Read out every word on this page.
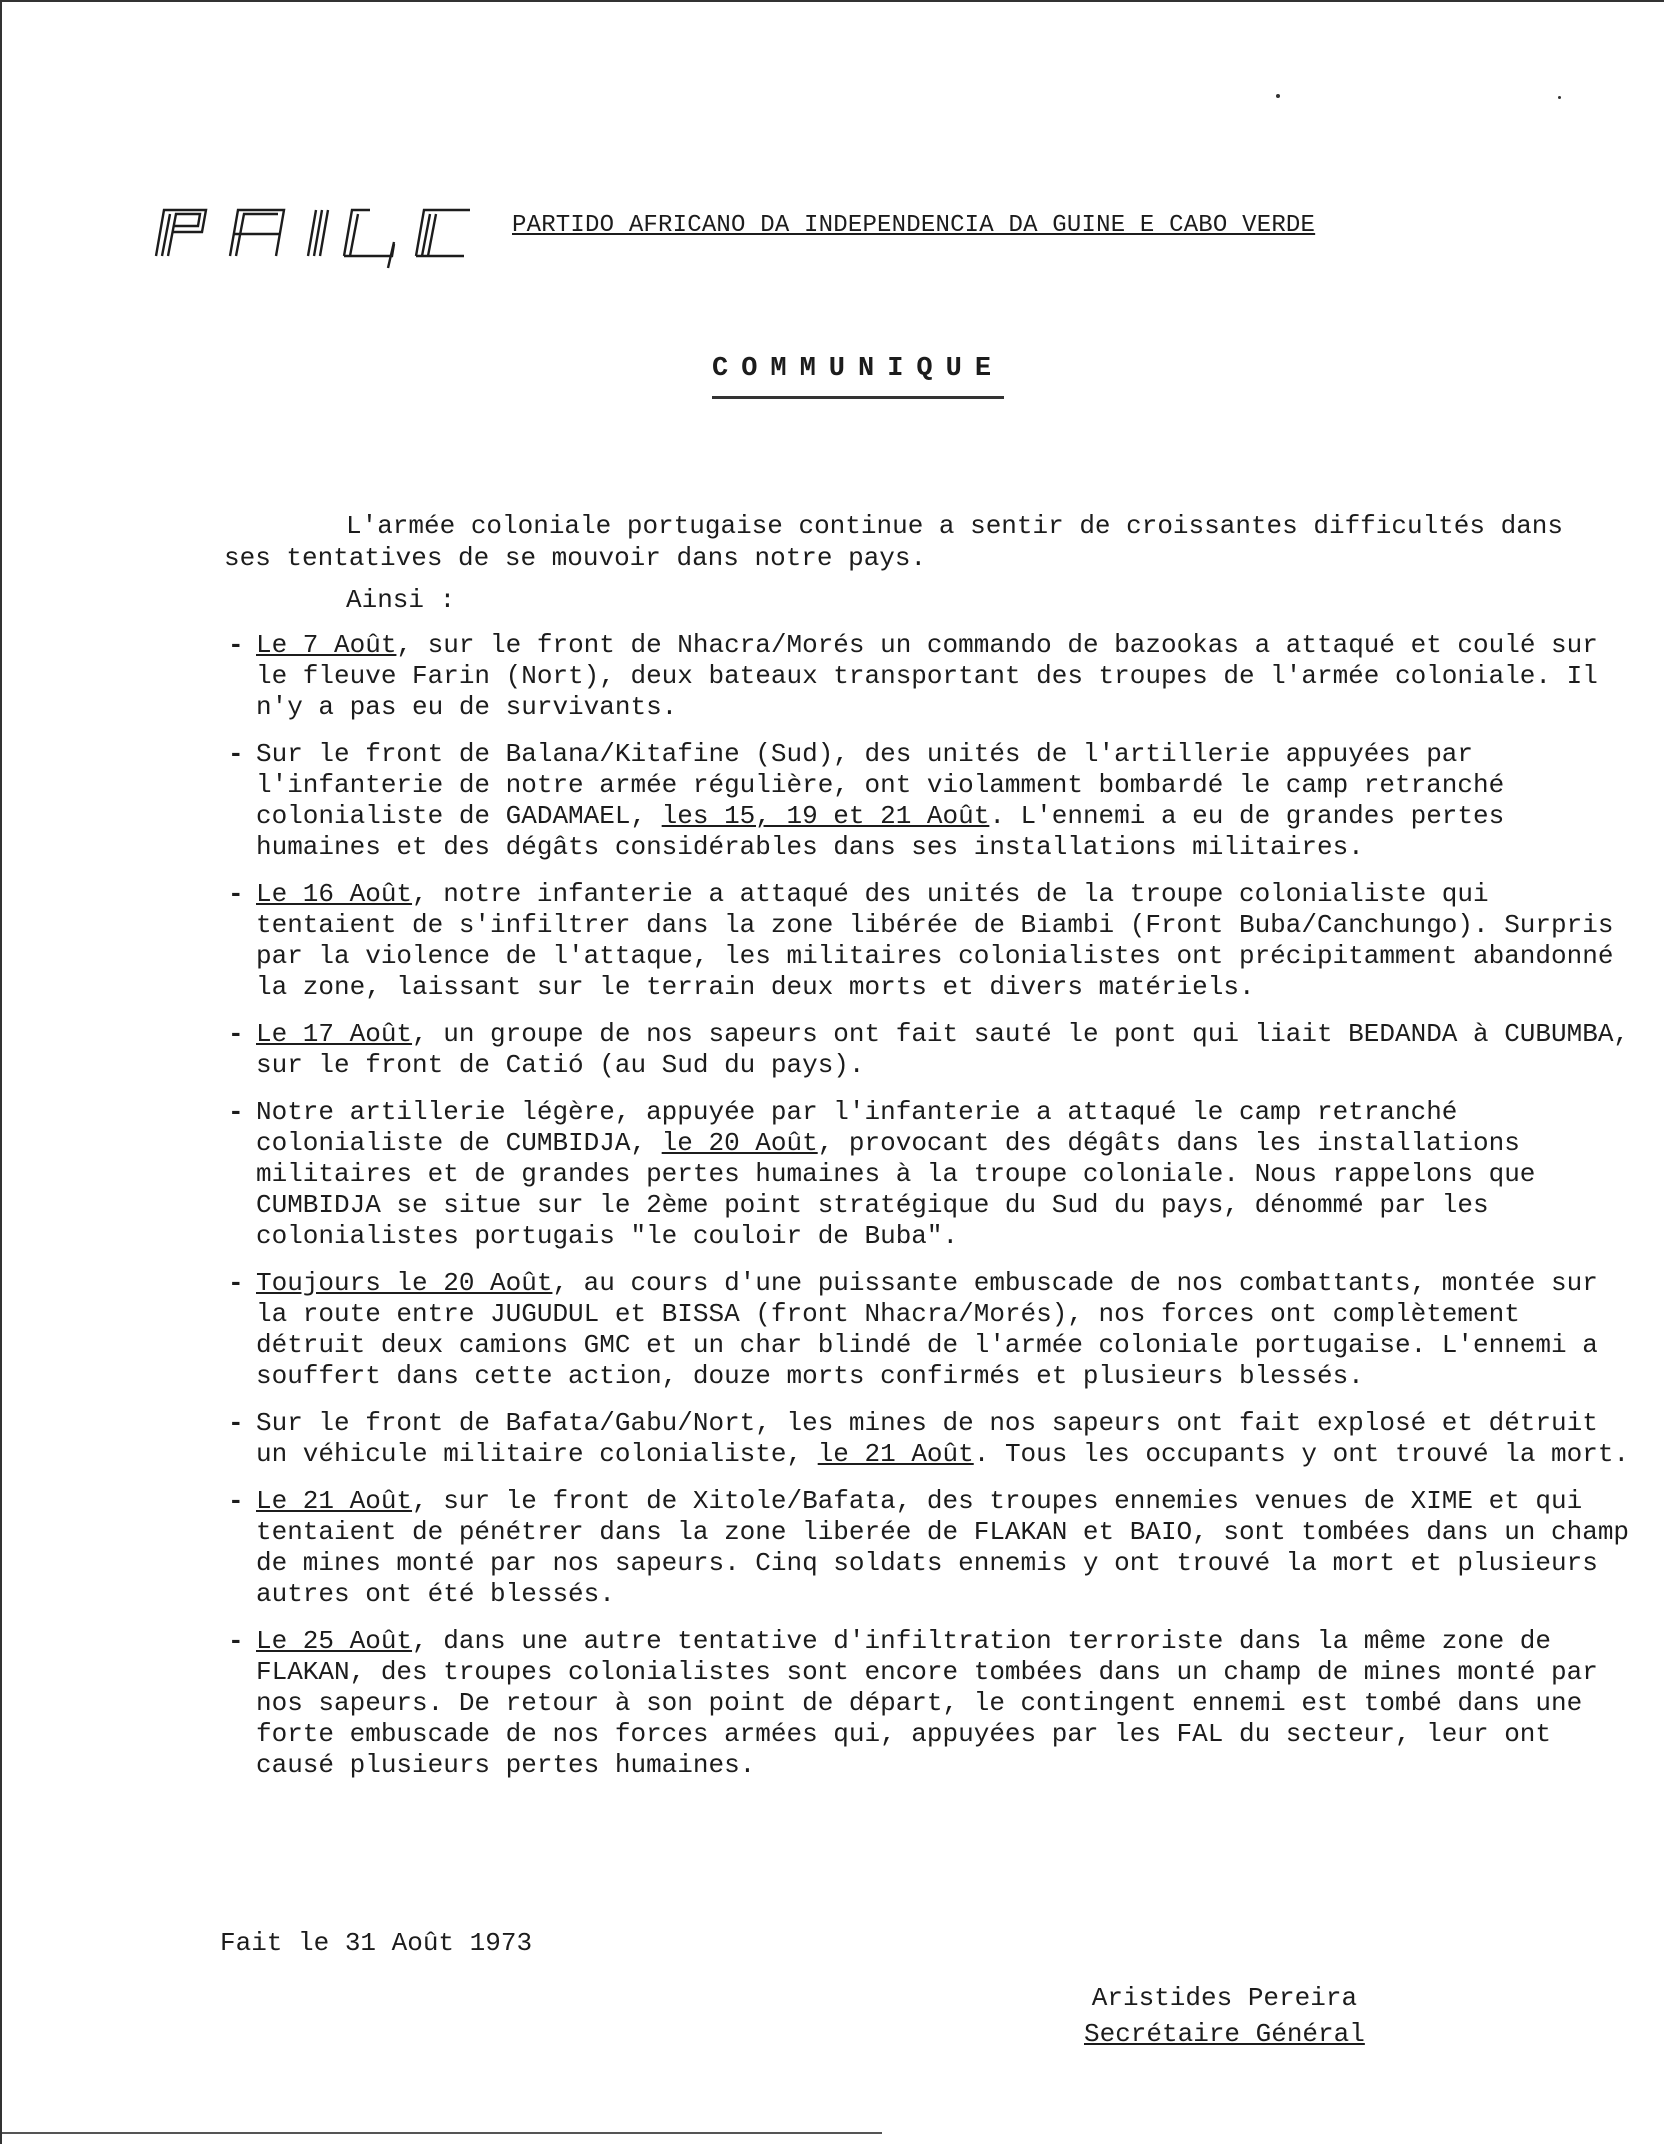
PARTIDO AFRICANO DA INDEPENDENCIA DA GUINE E CABO VERDE
COMMUNIQUE

L'armée coloniale portugaise continue a sentir de croissantes difficultés dans ses tentatives de se mouvoir dans notre pays.

Ainsi :
- Le 7 Août, sur le front de Nhacra/Morés un commando de bazookas a attaqué et coulé sur le fleuve Farin (Nort), deux bateaux transportant des troupes de l'armée coloniale. Il n'y a pas eu de survivants.
- Sur le front de Balana/Kitafine (Sud), des unités de l'artillerie appuyées par l'infanterie de notre armée régulière, ont violamment bombardé le camp retranché colonialiste de GADAMAEL, les 15, 19 et 21 Août. L'ennemi a eu de grandes pertes humaines et des dégâts considérables dans ses installations militaires.
- Le 16 Août, notre infanterie a attaqué des unités de la troupe colonialiste qui tentaient de s'infiltrer dans la zone libérée de Biambi (Front Buba/Canchungo). Surpris par la violence de l'attaque, les militaires colonialistes ont précipitamment abandonné la zone, laissant sur le terrain deux morts et divers matériels.
- Le 17 Août, un groupe de nos sapeurs ont fait sauté le pont qui liait BEDANDA à CUBUMBA, sur le front de Catió (au Sud du pays).
- Notre artillerie légère, appuyée par l'infanterie a attaqué le camp retranché colonialiste de CUMBIDJA, le 20 Août, provocant des dégâts dans les installations militaires et de grandes pertes humaines à la troupe coloniale. Nous rappelons que CUMBIDJA se situe sur le 2ème point stratégique du Sud du pays, dénommé par les colonialistes portugais "le couloir de Buba".
- Toujours le 20 Août, au cours d'une puissante embuscade de nos combattants, montée sur la route entre JUGUDUL et BISSA (front Nhacra/Morés), nos forces ont complètement détruit deux camions GMC et un char blindé de l'armée coloniale portugaise. L'ennemi a souffert dans cette action, douze morts confirmés et plusieurs blessés.
- Sur le front de Bafata/Gabu/Nort, les mines de nos sapeurs ont fait explosé et détruit un véhicule militaire colonialiste, le 21 Août. Tous les occupants y ont trouvé la mort.
- Le 21 Août, sur le front de Xitole/Bafata, des troupes ennemies venues de XIME et qui tentaient de pénétrer dans la zone liberée de FLAKAN et BAIO, sont tombées dans un champ de mines monté par nos sapeurs. Cinq soldats ennemis y ont trouvé la mort et plusieurs autres ont été blessés.
- Le 25 Août, dans une autre tentative d'infiltration terroriste dans la même zone de FLAKAN, des troupes colonialistes sont encore tombées dans un champ de mines monté par nos sapeurs. De retour à son point de départ, le contingent ennemi est tombé dans une forte embuscade de nos forces armées qui, appuyées par les FAL du secteur, leur ont causé plusieurs pertes humaines.
Fait le 31 Août 1973
Aristides Pereira
Secrétaire Général
